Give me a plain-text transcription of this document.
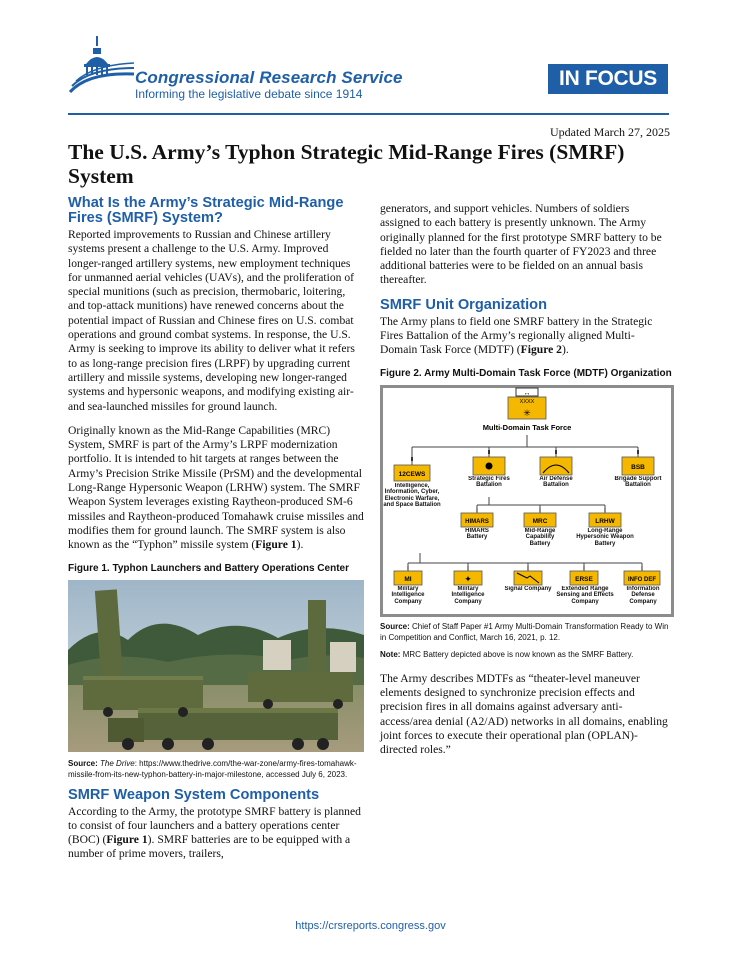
Congressional Research Service
Informing the legislative debate since 1914
IN FOCUS
Updated March 27, 2025
The U.S. Army’s Typhon Strategic Mid-Range Fires (SMRF) System
What Is the Army’s Strategic Mid-Range Fires (SMRF) System?

Reported improvements to Russian and Chinese artillery systems present a challenge to the U.S. Army. Improved longer-ranged artillery systems, new employment techniques for unmanned aerial vehicles (UAVs), and the proliferation of special munitions (such as precision, thermobaric, loitering, and top-attack munitions) have renewed concerns about the potential impact of Russian and Chinese fires on U.S. combat operations and ground combat systems. In response, the U.S. Army is seeking to improve its ability to deliver what it refers to as long-range precision fires (LRPF) by upgrading current artillery and missile systems, developing new longer-ranged systems and hypersonic weapons, and modifying existing air- and sea-launched missiles for ground launch.

Originally known as the Mid-Range Capabilities (MRC) System, SMRF is part of the Army’s LRPF modernization portfolio. It is intended to hit targets at ranges between the Army’s Precision Strike Missile (PrSM) and the developmental Long-Range Hypersonic Weapon (LRHW) system. The SMRF Weapon System leverages existing Raytheon-produced SM-6 missiles and Raytheon-produced Tomahawk cruise missiles and modifies them for ground launch. The SMRF system is also known as the “Typhon” missile system (Figure 1).

Figure 1. Typhon Launchers and Battery Operations Center
Source: The Drive: https://www.thedrive.com/the-war-zone/army-fires-tomahawk-missile-from-its-new-typhon-battery-in-major-milestone, accessed July 6, 2023.
SMRF Weapon System Components

According to the Army, the prototype SMRF battery is planned to consist of four launchers and a battery operations center (BOC) (Figure 1). SMRF batteries are to be equipped with a number of prime movers, trailers,

generators, and support vehicles. Numbers of soldiers assigned to each battery is presently unknown. The Army originally planned for the first prototype SMRF battery to be fielded no later than the fourth quarter of FY2023 and three additional batteries were to be fielded on an annual basis thereafter.

SMRF Unit Organization

The Army plans to field one SMRF battery in the Strategic Fires Battalion of the Army’s regionally aligned Multi-Domain Task Force (MDTF) (Figure 2).

Figure 2. Army Multi-Domain Task Force (MDTF) Organization
↔
XXXX
✳
Multi-Domain Task Force
II
12CEWS
Intelligence, Information, Cyber, Electronic Warfare, and Space Battalion
II
Strategic Fires Battalion
II
Air Defense Battalion
II
BSB
Brigade Support Battalion
I
HIMARS
HIMARS Battery
I
MRC
Mid-Range Capability Battery
I
LRHW
Long-Range Hypersonic Weapon Battery
I
MI
Military Intelligence Company
I
✦
Military Intelligence Company
I
Signal Company
I
ERSE
Extended Range Sensing and Effects Company
I
INFO DEF
Information Defense Company
Source: Chief of Staff Paper #1 Army Multi-Domain Transformation Ready to Win in Competition and Conflict, March 16, 2021, p. 12.
Note: MRC Battery depicted above is now known as the SMRF Battery.

The Army describes MDTFs as “theater-level maneuver elements designed to synchronize precision effects and precision fires in all domains against adversary anti-access/area denial (A2/AD) networks in all domains, enabling joint forces to execute their operational plan (OPLAN)-directed roles.”

https://crsreports.congress.gov
